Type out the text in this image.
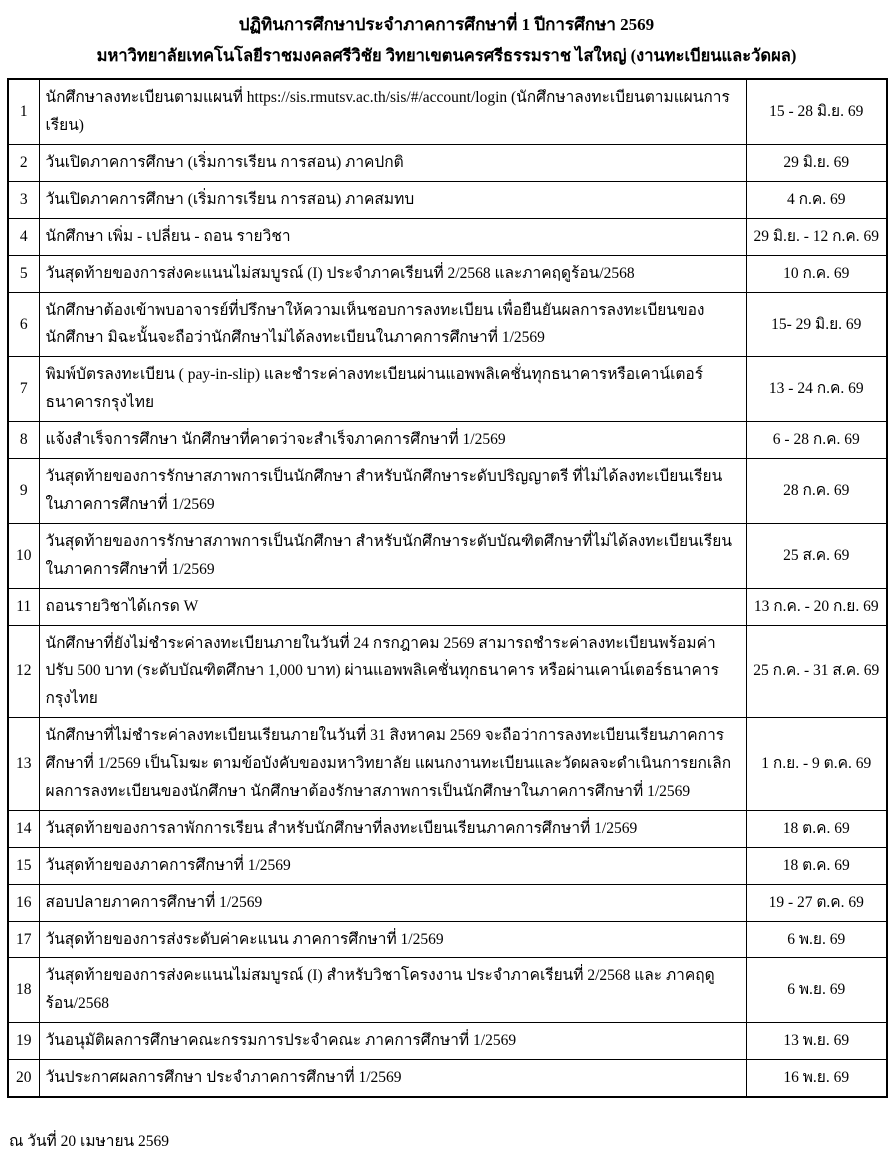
ปฏิทินการศึกษาประจำภาคการศึกษาที่ 1 ปีการศึกษา 2569
มหาวิทยาลัยเทคโนโลยีราชมงคลศรีวิชัย วิทยาเขตนครศรีธรรมราช ไสใหญ่ (งานทะเบียนและวัดผล)
1	นักศึกษาลงทะเบียนตามแผนที่ https://sis.rmutsv.ac.th/sis/#/account/login (นักศึกษาลงทะเบียนตามแผนการเรียน)	15 - 28 มิ.ย. 69
2	วันเปิดภาคการศึกษา (เริ่มการเรียน การสอน) ภาคปกติ	29 มิ.ย. 69
3	วันเปิดภาคการศึกษา (เริ่มการเรียน การสอน) ภาคสมทบ	4 ก.ค. 69
4	นักศึกษา เพิ่ม - เปลี่ยน - ถอน รายวิชา	29 มิ.ย. - 12 ก.ค. 69
5	วันสุดท้ายของการส่งคะแนนไม่สมบูรณ์ (I) ประจำภาคเรียนที่ 2/2568 และภาคฤดูร้อน/2568	10 ก.ค. 69
6	นักศึกษาต้องเข้าพบอาจารย์ที่ปรึกษาให้ความเห็นชอบการลงทะเบียน เพื่อยืนยันผลการลงทะเบียนของนักศึกษา มิฉะนั้นจะถือว่านักศึกษาไม่ได้ลงทะเบียนในภาคการศึกษาที่ 1/2569	15- 29 มิ.ย. 69
7	พิมพ์บัตรลงทะเบียน ( pay-in-slip) และชำระค่าลงทะเบียนผ่านแอพพลิเคชั่นทุกธนาคารหรือเคาน์เตอร์ธนาคารกรุงไทย	13 - 24 ก.ค. 69
8	แจ้งสำเร็จการศึกษา นักศึกษาที่คาดว่าจะสำเร็จภาคการศึกษาที่ 1/2569	6 - 28 ก.ค. 69
9	วันสุดท้ายของการรักษาสภาพการเป็นนักศึกษา สำหรับนักศึกษาระดับปริญญาตรี ที่ไม่ได้ลงทะเบียนเรียนในภาคการศึกษาที่ 1/2569	28 ก.ค. 69
10	วันสุดท้ายของการรักษาสภาพการเป็นนักศึกษา สำหรับนักศึกษาระดับบัณฑิตศึกษาที่ไม่ได้ลงทะเบียนเรียนในภาคการศึกษาที่ 1/2569	25 ส.ค. 69
11	ถอนรายวิชาได้เกรด W	13 ก.ค. - 20 ก.ย. 69
12	นักศึกษาที่ยังไม่ชำระค่าลงทะเบียนภายในวันที่ 24 กรกฎาคม 2569 สามารถชำระค่าลงทะเบียนพร้อมค่าปรับ 500 บาท (ระดับบัณฑิตศึกษา 1,000 บาท) ผ่านแอพพลิเคชั่นทุกธนาคาร หรือผ่านเคาน์เตอร์ธนาคารกรุงไทย	25 ก.ค. - 31 ส.ค. 69
13	นักศึกษาที่ไม่ชำระค่าลงทะเบียนเรียนภายในวันที่ 31 สิงหาคม 2569 จะถือว่าการลงทะเบียนเรียนภาคการศึกษาที่ 1/2569 เป็นโมฆะ ตามข้อบังคับของมหาวิทยาลัย แผนกงานทะเบียนและวัดผลจะดำเนินการยกเลิกผลการลงทะเบียนของนักศึกษา นักศึกษาต้องรักษาสภาพการเป็นนักศึกษาในภาคการศึกษาที่ 1/2569	1 ก.ย. - 9 ต.ค. 69
14	วันสุดท้ายของการลาพักการเรียน สำหรับนักศึกษาที่ลงทะเบียนเรียนภาคการศึกษาที่ 1/2569	18 ต.ค. 69
15	วันสุดท้ายของภาคการศึกษาที่ 1/2569	18 ต.ค. 69
16	สอบปลายภาคการศึกษาที่ 1/2569	19 - 27 ต.ค. 69
17	วันสุดท้ายของการส่งระดับค่าคะแนน ภาคการศึกษาที่ 1/2569	6 พ.ย. 69
18	วันสุดท้ายของการส่งคะแนนไม่สมบูรณ์ (I) สำหรับวิชาโครงงาน ประจำภาคเรียนที่ 2/2568 และ ภาคฤดูร้อน/2568	6 พ.ย. 69
19	วันอนุมัติผลการศึกษาคณะกรรมการประจำคณะ ภาคการศึกษาที่ 1/2569	13 พ.ย. 69
20	วันประกาศผลการศึกษา ประจำภาคการศึกษาที่ 1/2569	16 พ.ย. 69
ณ วันที่ 20 เมษายน 2569
